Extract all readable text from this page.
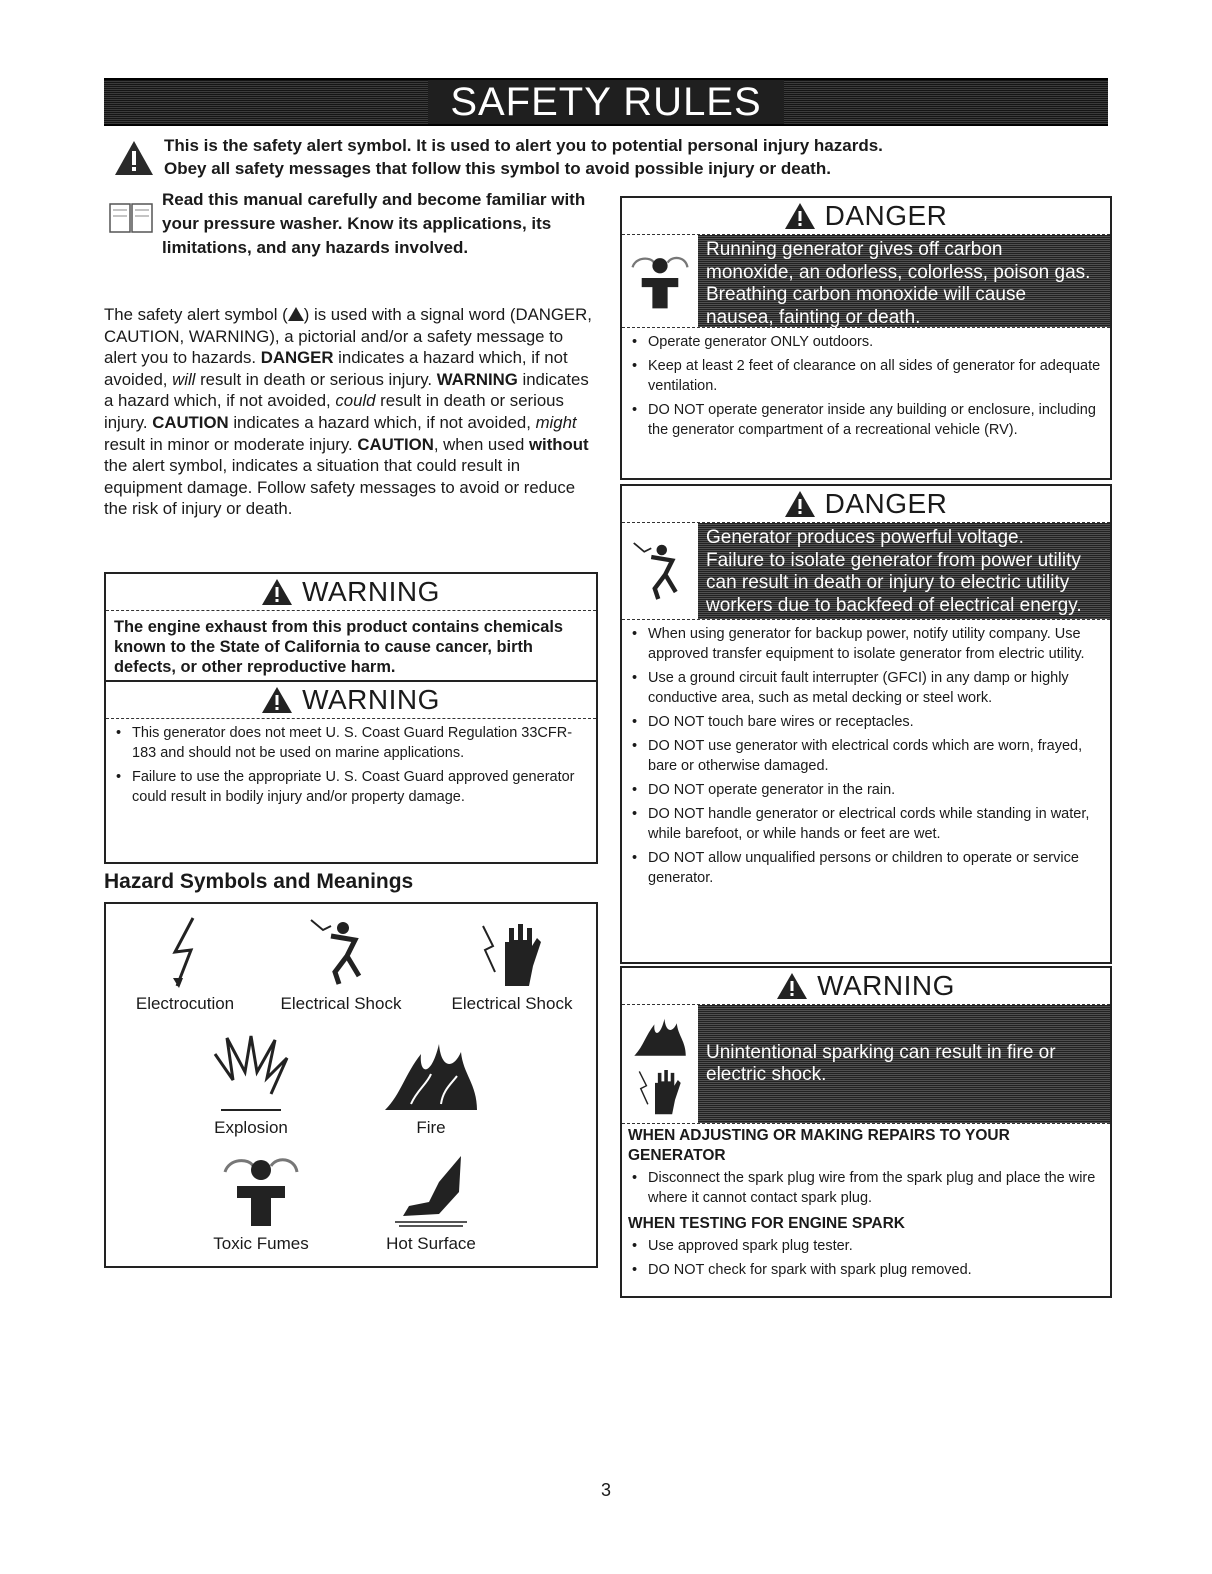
SAFETY RULES
This is the safety alert symbol. It is used to alert you to potential personal injury hazards.
Obey all safety messages that follow this symbol to avoid possible injury or death.
Read this manual carefully and become familiar with your pressure washer. Know its applications, its limitations, and any hazards involved.
The safety alert symbol ( ) is used with a signal word (DANGER, CAUTION, WARNING), a pictorial and/or a safety message to alert you to hazards. DANGER indicates a hazard which, if not avoided, will result in death or serious injury. WARNING indicates a hazard which, if not avoided, could result in death or serious injury. CAUTION indicates a hazard which, if not avoided, might result in minor or moderate injury. CAUTION, when used without the alert symbol, indicates a situation that could result in equipment damage. Follow safety messages to avoid or reduce the risk of injury or death.
WARNING
The engine exhaust from this product contains chemicals known to the State of California to cause cancer, birth defects, or other reproductive harm.
WARNING
• This generator does not meet U. S. Coast Guard Regulation 33CFR-183 and should not be used on marine applications.
• Failure to use the appropriate U. S. Coast Guard approved generator could result in bodily injury and/or property damage.
Hazard Symbols and Meanings
Electrocution	Electrical Shock	Electrical Shock
Explosion	Fire
Toxic Fumes	Hot Surface
DANGER
Running generator gives off carbon
monoxide, an odorless, colorless, poison gas.
Breathing carbon monoxide will cause
nausea, fainting or death.
• Operate generator ONLY outdoors.
• Keep at least 2 feet of clearance on all sides of generator for adequate ventilation.
• DO NOT operate generator inside any building or enclosure, including the generator compartment of a recreational vehicle (RV).
DANGER
Generator produces powerful voltage.
Failure to isolate generator from power utility
can result in death or injury to electric utility
workers due to backfeed of electrical energy.
• When using generator for backup power, notify utility company. Use approved transfer equipment to isolate generator from electric utility.
• Use a ground circuit fault interrupter (GFCI) in any damp or highly conductive area, such as metal decking or steel work.
• DO NOT touch bare wires or receptacles.
• DO NOT use generator with electrical cords which are worn, frayed, bare or otherwise damaged.
• DO NOT operate generator in the rain.
• DO NOT handle generator or electrical cords while standing in water, while barefoot, or while hands or feet are wet.
• DO NOT allow unqualified persons or children to operate or service generator.
WARNING
Unintentional sparking can result in fire or
electric shock.
WHEN ADJUSTING OR MAKING REPAIRS TO YOUR GENERATOR
• Disconnect the spark plug wire from the spark plug and place the wire where it cannot contact spark plug.
WHEN TESTING FOR ENGINE SPARK
• Use approved spark plug tester.
• DO NOT check for spark with spark plug removed.
3
